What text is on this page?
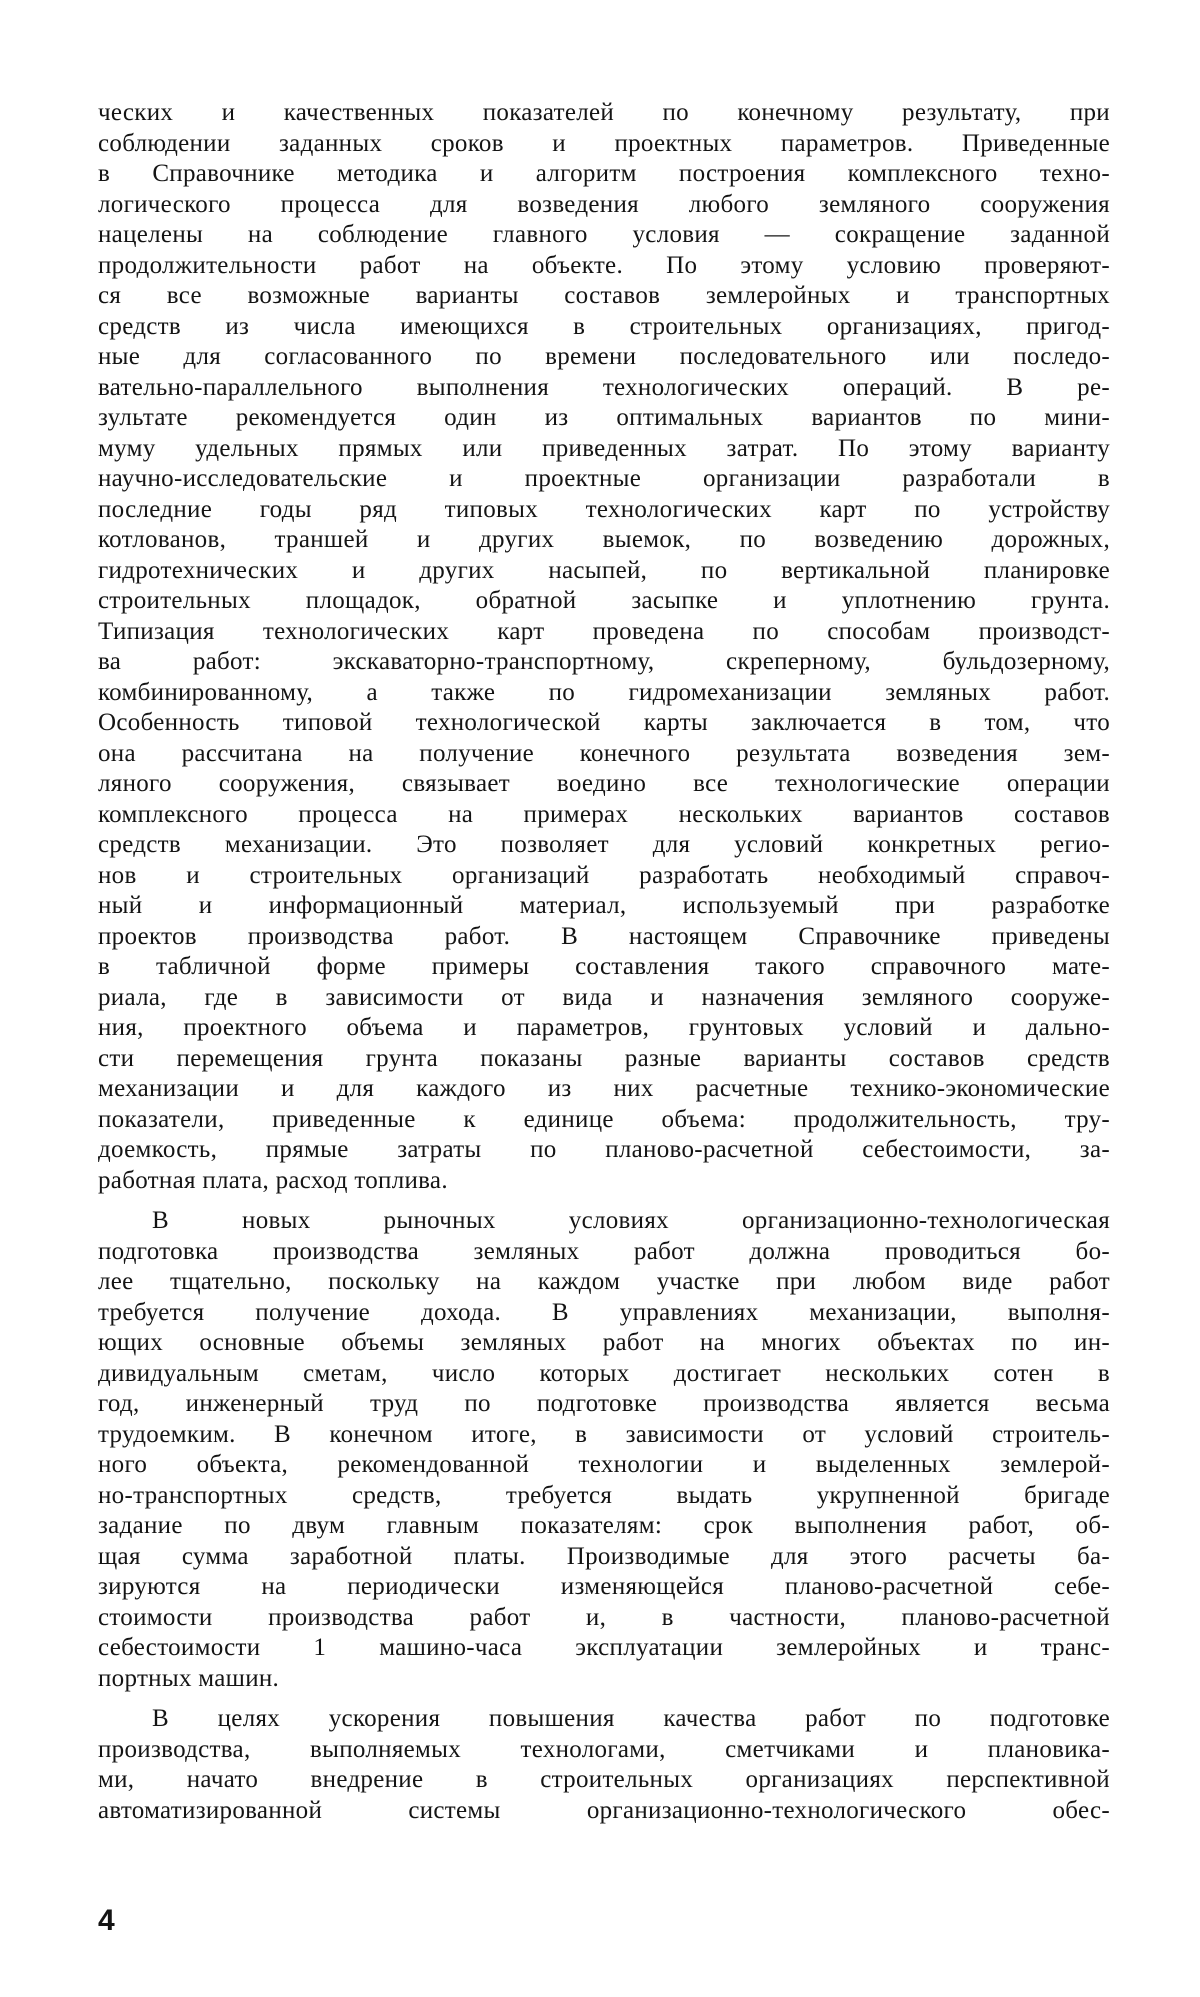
ческих и качественных показателей по конечному результату, при
соблюдении заданных сроков и проектных параметров. Приведенные
в Справочнике методика и алгоритм построения комплексного техно-
логического процесса для возведения любого земляного сооружения
нацелены на соблюдение главного условия — сокращение заданной
продолжительности работ на объекте. По этому условию проверяют-
ся все возможные варианты составов землеройных и транспортных
средств из числа имеющихся в строительных организациях, пригод-
ные для согласованного по времени последовательного или последо-
вательно-параллельного выполнения технологических операций. В ре-
зультате рекомендуется один из оптимальных вариантов по мини-
муму удельных прямых или приведенных затрат. По этому варианту
научно-исследовательские и проектные организации разработали в
последние годы ряд типовых технологических карт по устройству
котлованов, траншей и других выемок, по возведению дорожных,
гидротехнических и других насыпей, по вертикальной планировке
строительных площадок, обратной засыпке и уплотнению грунта.
Типизация технологических карт проведена по способам производст-
ва работ: экскаваторно-транспортному, скреперному, бульдозерному,
комбинированному, а также по гидромеханизации земляных работ.
Особенность типовой технологической карты заключается в том, что
она рассчитана на получение конечного результата возведения зем-
ляного сооружения, связывает воедино все технологические операции
комплексного процесса на примерах нескольких вариантов составов
средств механизации. Это позволяет для условий конкретных регио-
нов и строительных организаций разработать необходимый справоч-
ный и информационный материал, используемый при разработке
проектов производства работ. В настоящем Справочнике приведены
в табличной форме примеры составления такого справочного мате-
риала, где в зависимости от вида и назначения земляного сооруже-
ния, проектного объема и параметров, грунтовых условий и дально-
сти перемещения грунта показаны разные варианты составов средств
механизации и для каждого из них расчетные технико-экономические
показатели, приведенные к единице объема: продолжительность, тру-
доемкость, прямые затраты по планово-расчетной себестоимости, за-
работная плата, расход топлива.
В новых рыночных условиях организационно-технологическая
подготовка производства земляных работ должна проводиться бо-
лее тщательно, поскольку на каждом участке при любом виде работ
требуется получение дохода. В управлениях механизации, выполня-
ющих основные объемы земляных работ на многих объектах по ин-
дивидуальным сметам, число которых достигает нескольких сотен в
год, инженерный труд по подготовке производства является весьма
трудоемким. В конечном итоге, в зависимости от условий строитель-
ного объекта, рекомендованной технологии и выделенных землерой-
но-транспортных средств, требуется выдать укрупненной бригаде
задание по двум главным показателям: срок выполнения работ, об-
щая сумма заработной платы. Производимые для этого расчеты ба-
зируются на периодически изменяющейся планово-расчетной себе-
стоимости производства работ и, в частности, планово-расчетной
себестоимости 1 машино-часа эксплуатации землеройных и транс-
портных машин.
В целях ускорения повышения качества работ по подготовке
производства, выполняемых технологами, сметчиками и плановика-
ми, начато внедрение в строительных организациях перспективной
автоматизированной системы организационно-технологического обес-
4
